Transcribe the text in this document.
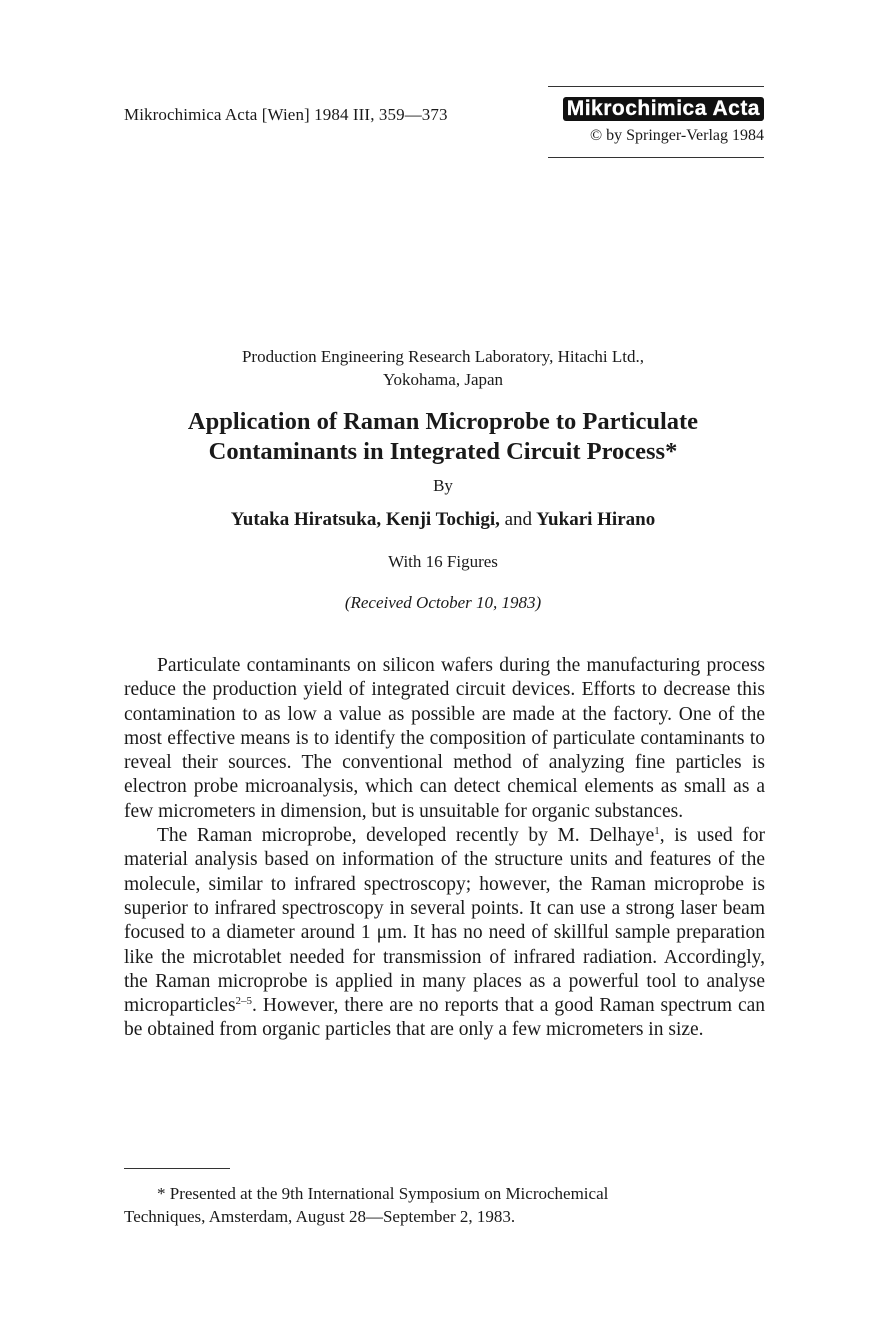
Mikrochimica Acta [Wien] 1984 III, 359—373	Mikrochimica Acta
© by Springer-Verlag 1984
Production Engineering Research Laboratory, Hitachi Ltd.,
Yokohama, Japan
Application of Raman Microprobe to Particulate
Contaminants in Integrated Circuit Process*
By
Yutaka Hiratsuka, Kenji Tochigi, and Yukari Hirano
With 16 Figures
(Received October 10, 1983)

Particulate contaminants on silicon wafers during the manufacturing process reduce the production yield of integrated circuit devices. Efforts to decrease this contamination to as low a value as possible are made at the factory. One of the most effective means is to identify the composition of particulate contaminants to reveal their sources. The conventional method of analyzing fine particles is electron probe microanalysis, which can detect chemical elements as small as a few micrometers in dimension, but is unsuitable for organic substances.

The Raman microprobe, developed recently by M. Delhaye$^1$, is used for material analysis based on information of the structure units and features of the molecule, similar to infrared spectroscopy; however, the Raman microprobe is superior to infrared spectroscopy in several points. It can use a strong laser beam focused to a diameter around 1 μm. It has no need of skillful sample preparation like the microtablet needed for transmission of infrared radiation. Accordingly, the Raman microprobe is applied in many places as a powerful tool to analyse microparticles$^{2-5}$. However, there are no reports that a good Raman spectrum can be obtained from organic particles that are only a few micrometers in size.

* Presented at the 9th International Symposium on Microchemical
Techniques, Amsterdam, August 28—September 2, 1983.
